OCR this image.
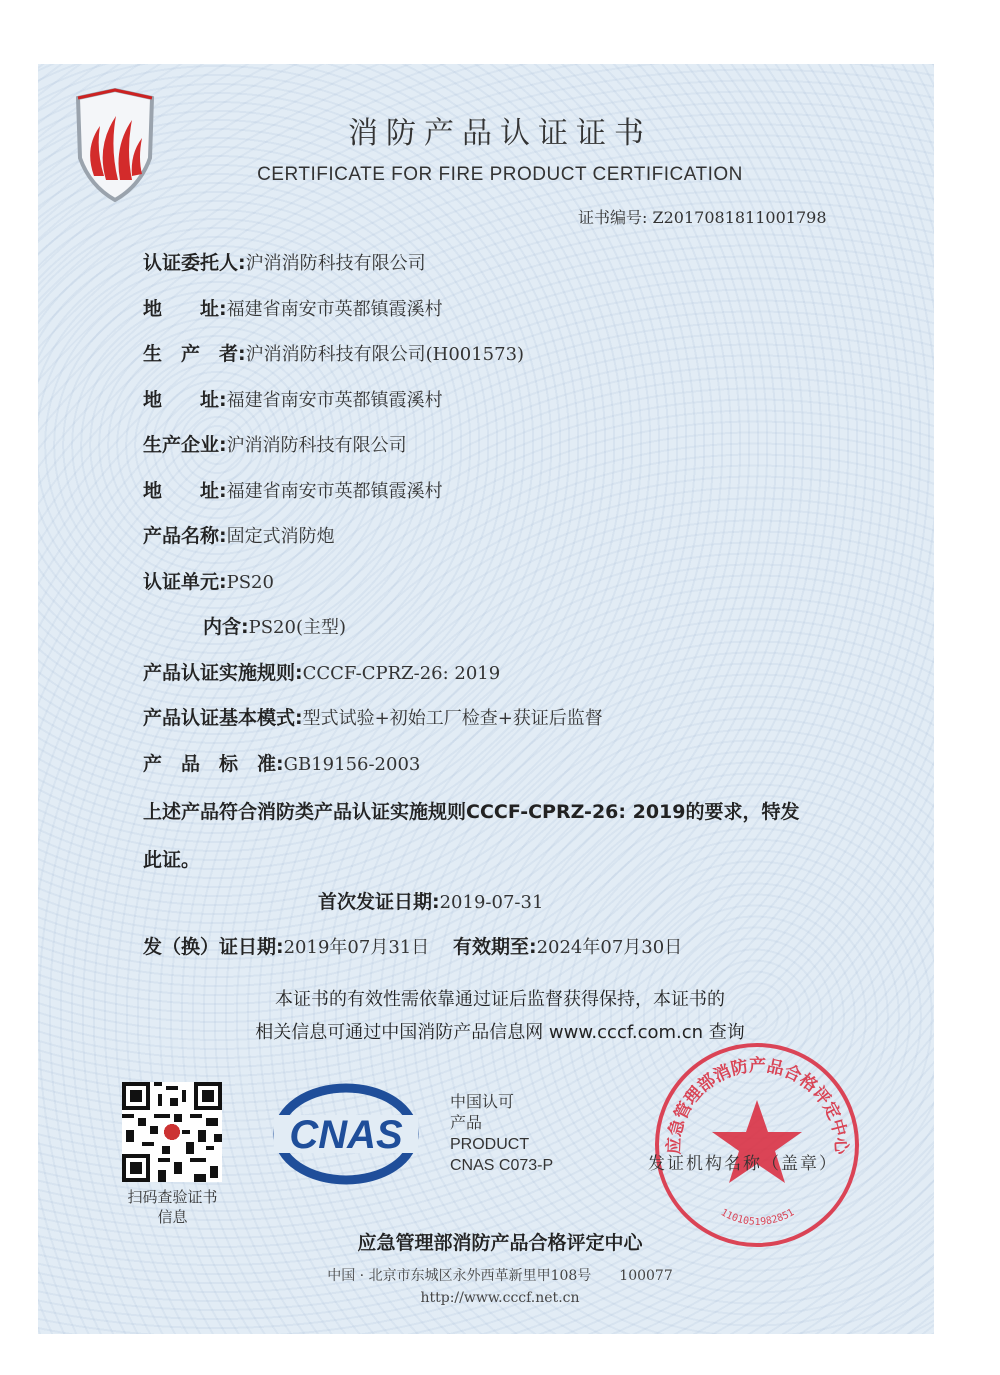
消防产品认证证书
CERTIFICATE FOR FIRE PRODUCT CERTIFICATION
证书编号: Z2017081811001798
认证委托人:沪消消防科技有限公司
地　　址:福建省南安市英都镇霞溪村
生　产　者:沪消消防科技有限公司(H001573)
地　　址:福建省南安市英都镇霞溪村
生产企业:沪消消防科技有限公司
地　　址:福建省南安市英都镇霞溪村
产品名称:固定式消防炮
认证单元:PS20
内含:PS20(主型)
产品认证实施规则:CCCF-CPRZ-26: 2019
产品认证基本模式:型式试验+初始工厂检查+获证后监督
产　品　标　准:GB19156-2003
上述产品符合消防类产品认证实施规则CCCF-CPRZ-26: 2019的要求，特发
此证。
首次发证日期:2019-07-31
发（换）证日期:2019年07月31日 有效期至:2024年07月30日
本证书的有效性需依靠通过证后监督获得保持，本证书的
相关信息可通过中国消防产品信息网 www.cccf.com.cn 查询
扫码查验证书信息
CNAS
中国认可
产品
PRODUCT
CNAS C073-P
应急管理部消防产品合格评定中心
1101051982851
发证机构名称（盖章）
应急管理部消防产品合格评定中心
中国 · 北京市东城区永外西革新里甲108号　　100077
http://www.cccf.net.cn
